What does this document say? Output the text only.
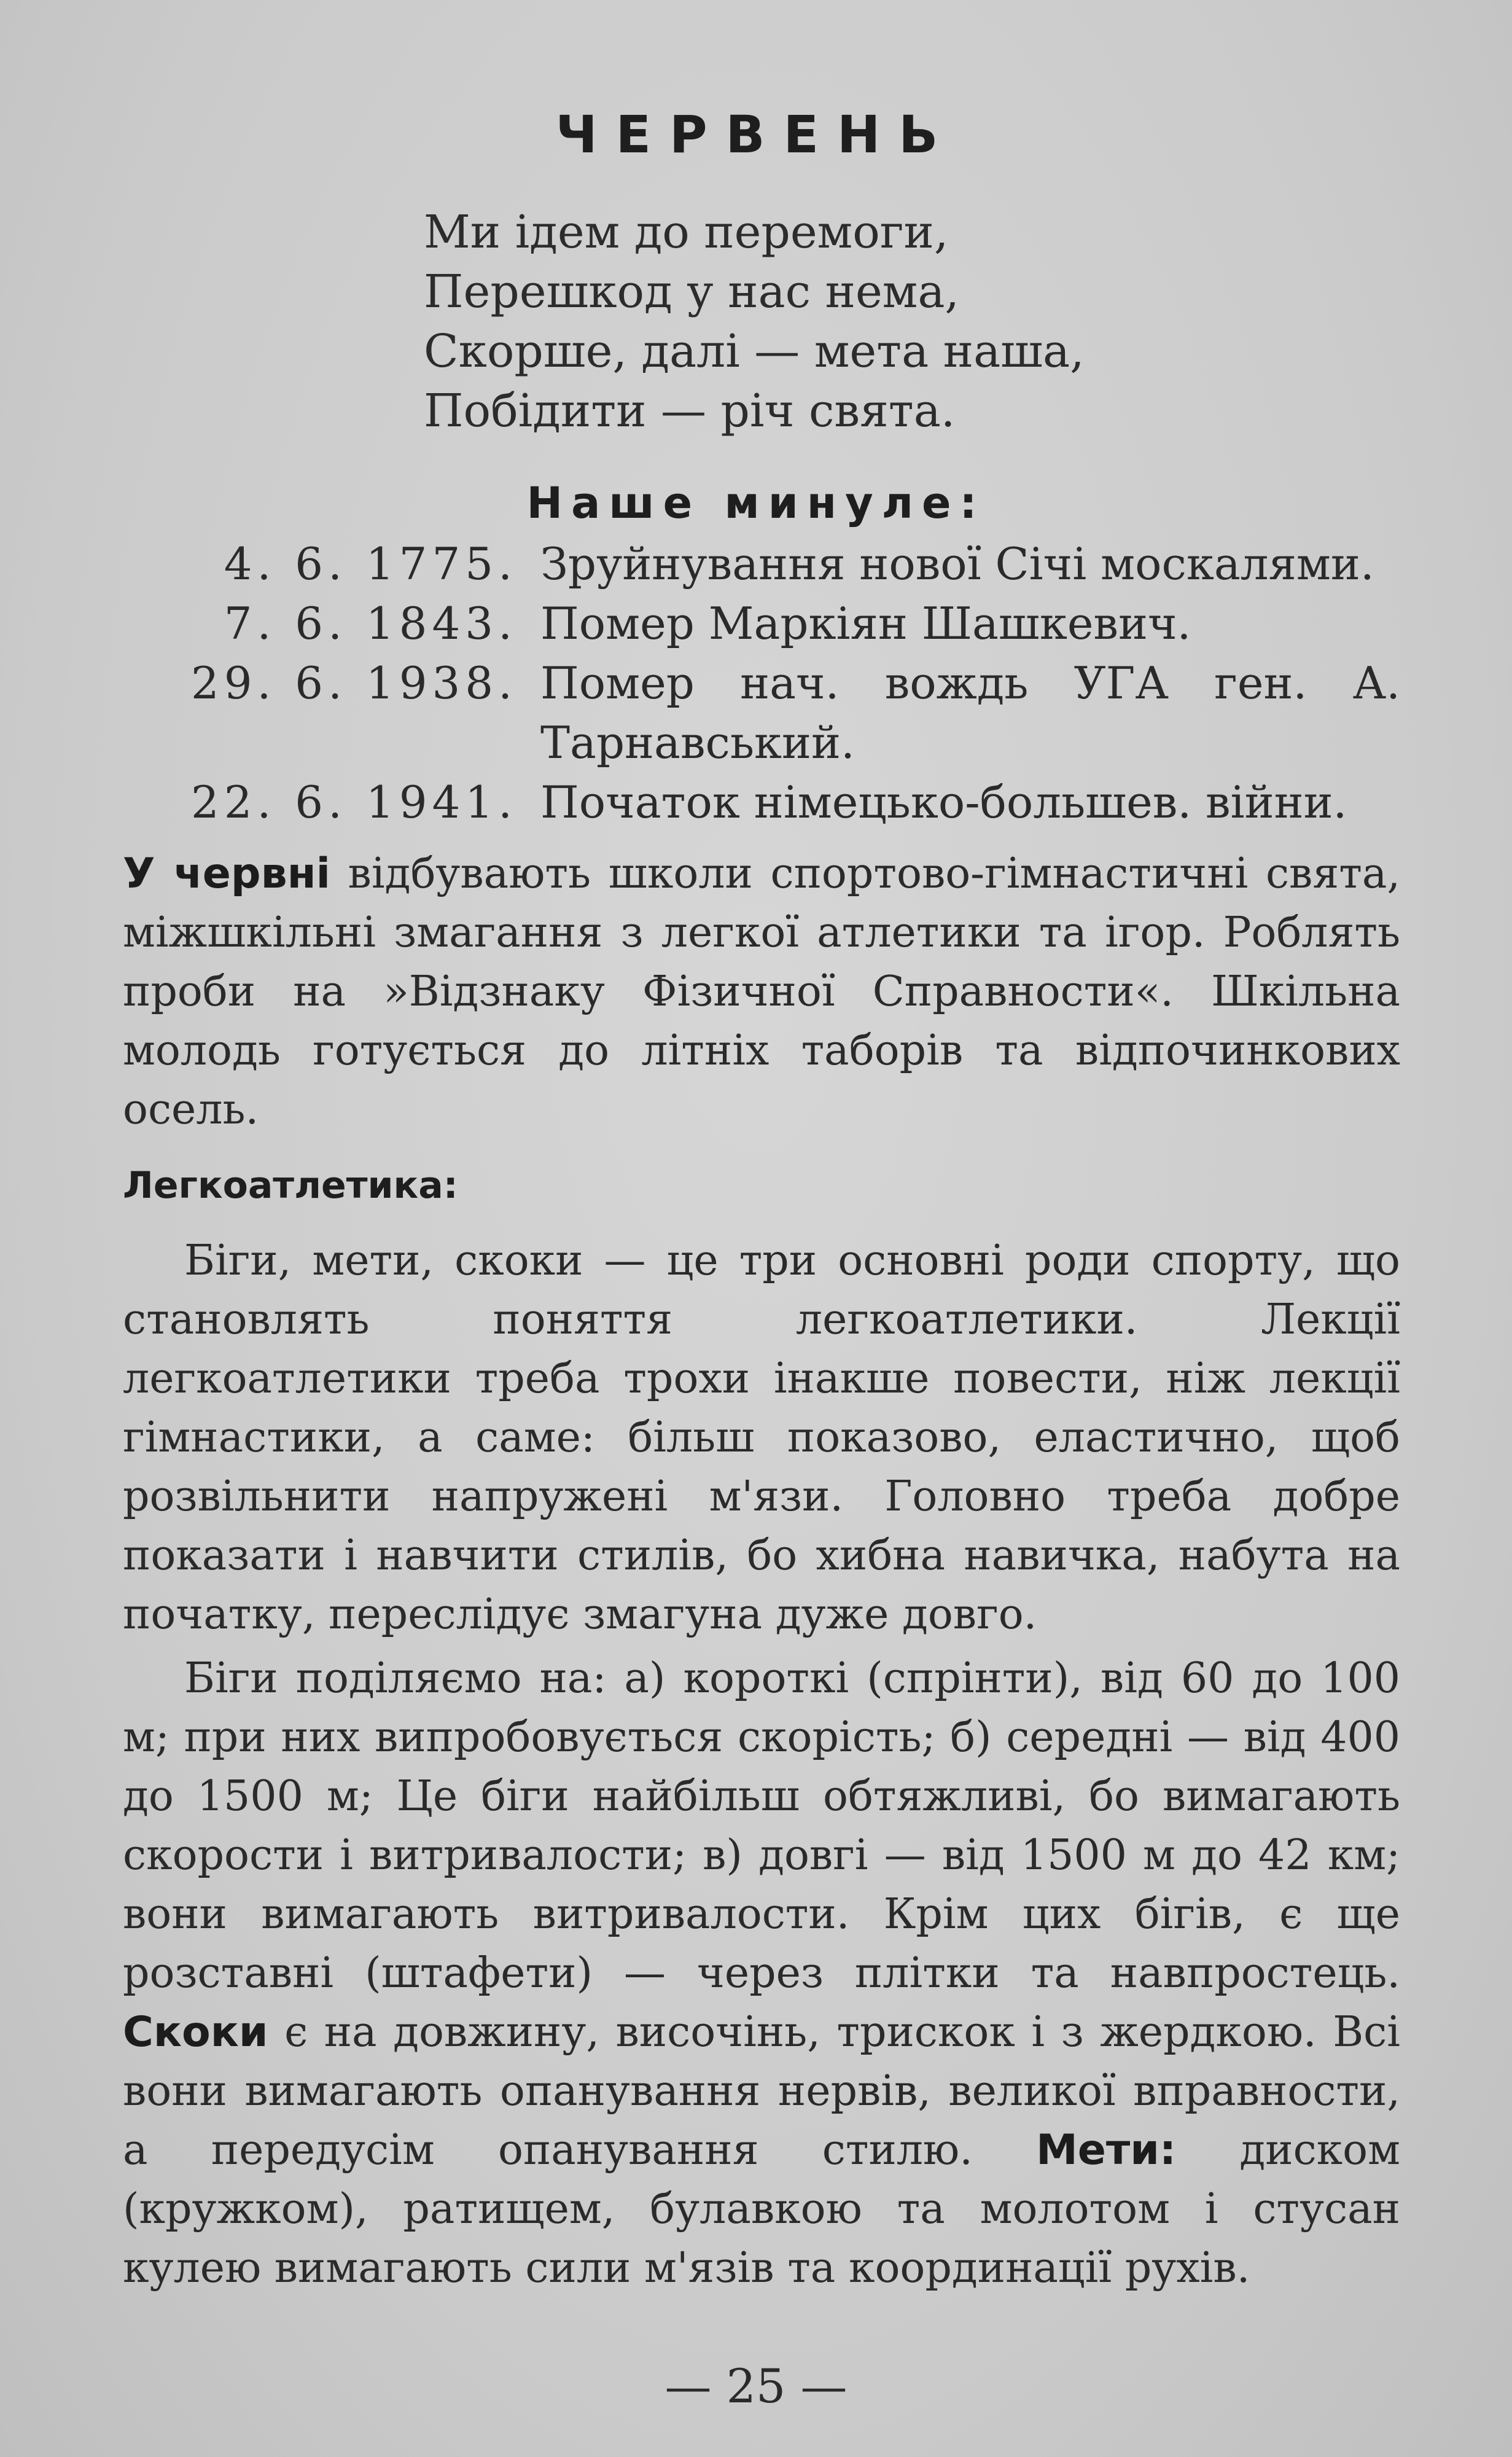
ЧЕРВЕНЬ
Ми ідем до перемоги,
Перешкод у нас нема,
Скорше, далі — мета наша,
Побідити — річ свята.
Наше минуле:
4. 6. 1775. Зруйнування нової Січі москалями.
7. 6. 1843. Помер Маркіян Шашкевич.
29. 6. 1938. Помер нач. вождь УГА ген. А. Тарнавський.
22. 6. 1941. Початок німецько-большев. війни.
У червні відбувають школи спортово-гімнастичні свята, міжшкільні змагання з легкої атлетики та ігор. Роблять проби на »Відзнаку Фізичної Справности«. Шкільна молодь готується до літніх таборів та відпочинкових осель.
Легкоатлетика:
Біги, мети, скоки — це три основні роди спорту, що становлять поняття легкоатлетики. Лекції легкоатлетики треба трохи інакше повести, ніж лекції гімнастики, а саме: більш показово, еластично, щоб розвільнити напружені м'язи. Головно треба добре показати і навчити стилів, бо хибна навичка, набута на початку, переслідує змагуна дуже довго.
Біги поділяємо на: а) короткі (спрінти), від 60 до 100 м; при них випробовується скорість; б) середні — від 400 до 1500 м; Це біги найбільш обтяжливі, бо вимагають скорости і витривалости; в) довгі — від 1500 м до 42 км; вони вимагають витривалости. Крім цих бігів, є ще розставні (штафети) — через плітки та навпростець. Скоки є на довжину, височінь, трискок і з жердкою. Всі вони вимагають опанування нервів, великої вправности, а передусім опанування стилю. Мети: диском (кружком), ратищем, булавкою та молотом і стусан кулею вимагають сили м'язів та координації рухів.
— 25 —
